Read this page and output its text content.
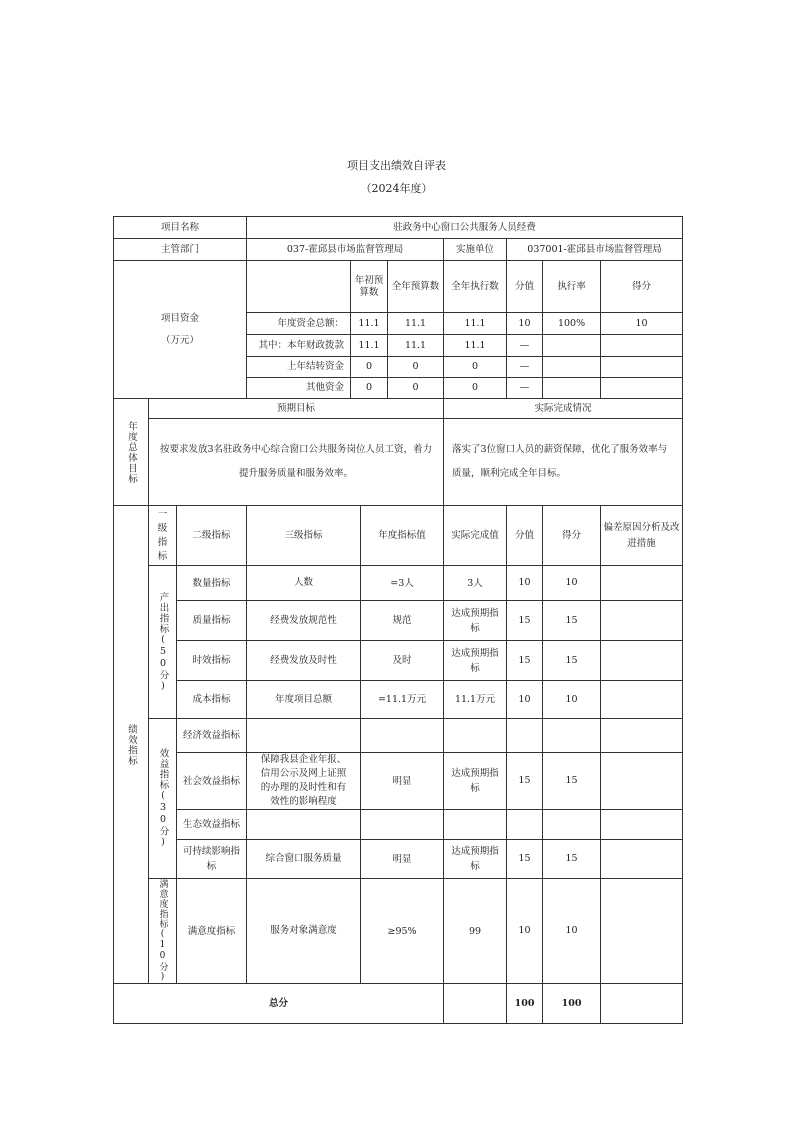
项目支出绩效自评表
（2024年度）
项目名称			驻政务中心窗口公共服务人员经费							
主管部门			037-霍邱县市场监督管理局				实施单位	037001-霍邱县市场监督管理局		

项目资金
（万元）				年初预算数		全年预算数	全年执行数	分值	执行率	得分
			年度资金总额：	11.1		11.1	11.1	10	100%	10
			其中：本年财政拨款	11.1		11.1	11.1	—		
			上年结转资金	0		0	0	—		
			其他资金	0		0	0	—		
年度总体目标	预期目标						实际完成情况			
	按要求发放3名驻政务中心综合窗口公共服务岗位人员工资，着力提升服务质量和服务效率。						落实了3位窗口人员的薪资保障，优化了服务效率与质量，顺利完成全年目标。			
绩效指标	一级指标	二级指标	三级指标		年度指标值		实际完成值	分值	得分	偏差原因分析及改进措施
	产出指标(50分)	数量指标	人数		=3人		3人	10	10	
		质量指标	经费发放规范性		规范		达成预期指标	15	15	
		时效指标	经费发放及时性		及时		达成预期指标	15	15	
		成本指标	年度项目总额		=11.1万元		11.1万元	10	10	
	效益指标(30分)	经济效益指标								
		社会效益指标	保障我县企业年报、信用公示及网上证照的办理的及时性和有效性的影响程度		明显		达成预期指标	15	15	
		生态效益指标								
		可持续影响指标	综合窗口服务质量		明显		达成预期指标	15	15	
	满意度指标(10分)	满意度指标	服务对象满意度		≥95%		99	10	10	
总分								100	100	
